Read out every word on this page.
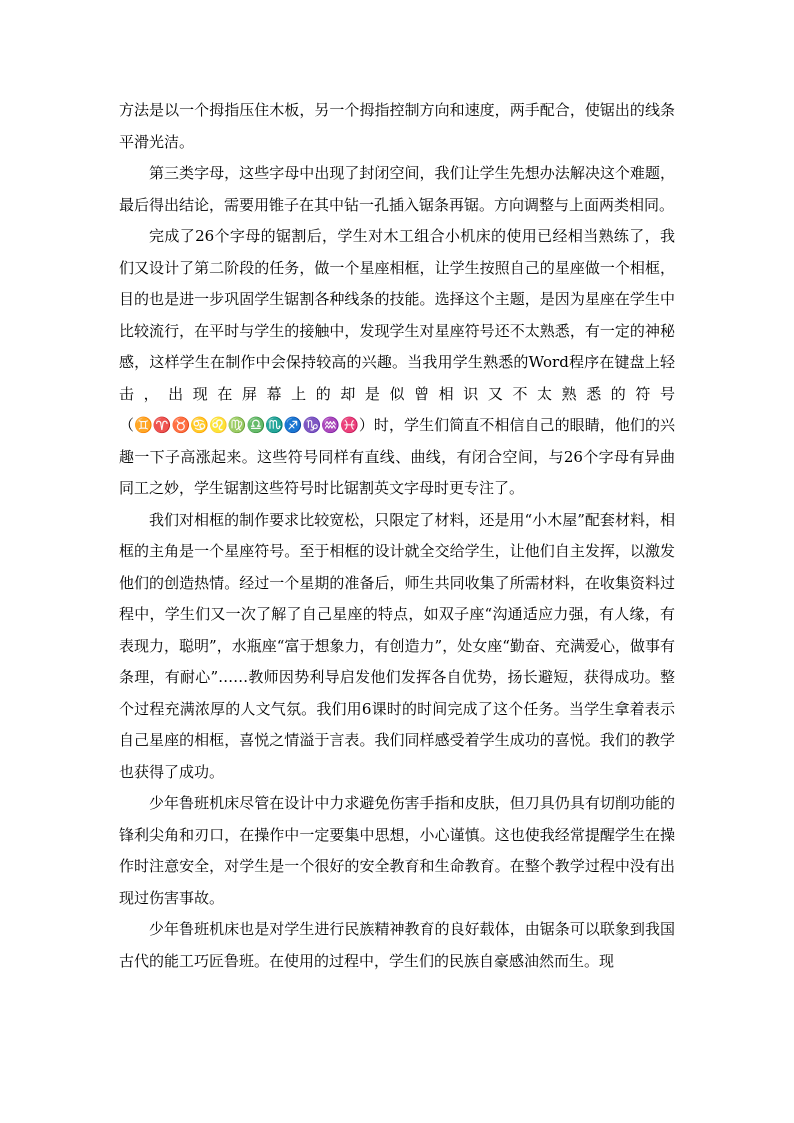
方法是以一个拇指压住木板，另一个拇指控制方向和速度，两手配合，使锯出的线条平滑光洁。

第三类字母，这些字母中出现了封闭空间，我们让学生先想办法解决这个难题，最后得出结论，需要用锥子在其中钻一孔插入锯条再锯。方向调整与上面两类相同。

完成了26个字母的锯割后，学生对木工组合小机床的使用已经相当熟练了，我们又设计了第二阶段的任务，做一个星座相框，让学生按照自己的星座做一个相框，目的也是进一步巩固学生锯割各种线条的技能。选择这个主题，是因为星座在学生中比较流行，在平时与学生的接触中，发现学生对星座符号还不太熟悉，有一定的神秘感，这样学生在制作中会保持较高的兴趣。当我用学生熟悉的Word程序在键盘上轻击，出现在屏幕上的却是似曾相识又不太熟悉的符号（♊♈♉♋♌♍♎♏♐♑♒♓）时，学生们简直不相信自己的眼睛，他们的兴趣一下子高涨起来。这些符号同样有直线、曲线，有闭合空间，与26个字母有异曲同工之妙，学生锯割这些符号时比锯割英文字母时更专注了。

我们对相框的制作要求比较宽松，只限定了材料，还是用“小木屋”配套材料，相框的主角是一个星座符号。至于相框的设计就全交给学生，让他们自主发挥，以激发他们的创造热情。经过一个星期的准备后，师生共同收集了所需材料，在收集资料过程中，学生们又一次了解了自己星座的特点，如双子座“沟通适应力强，有人缘，有表现力，聪明”，水瓶座“富于想象力，有创造力”，处女座“勤奋、充满爱心，做事有条理，有耐心”……教师因势利导启发他们发挥各自优势，扬长避短，获得成功。整个过程充满浓厚的人文气氛。我们用6课时的时间完成了这个任务。当学生拿着表示自己星座的相框，喜悦之情溢于言表。我们同样感受着学生成功的喜悦。我们的教学也获得了成功。

少年鲁班机床尽管在设计中力求避免伤害手指和皮肤，但刀具仍具有切削功能的锋利尖角和刃口，在操作中一定要集中思想，小心谨慎。这也使我经常提醒学生在操作时注意安全，对学生是一个很好的安全教育和生命教育。在整个教学过程中没有出现过伤害事故。

少年鲁班机床也是对学生进行民族精神教育的良好载体，由锯条可以联象到我国古代的能工巧匠鲁班。在使用的过程中，学生们的民族自豪感油然而生。现
